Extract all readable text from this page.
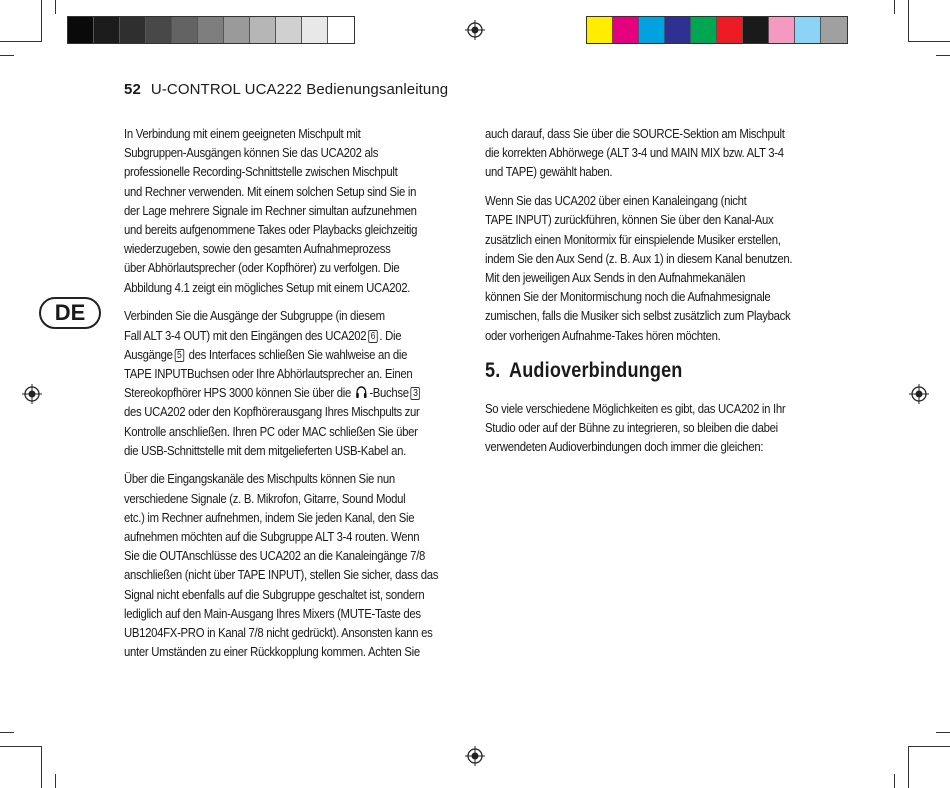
52 U-CONTROL UCA222 Bedienungsanleitung
DE

In Verbindung mit einem geeigneten Mischpult mit
Subgruppen-Ausgängen können Sie das UCA202 als
professionelle Recording-Schnittstelle zwischen Mischpult
und Rechner verwenden. Mit einem solchen Setup sind Sie in
der Lage mehrere Signale im Rechner simultan aufzunehmen
und bereits aufgenommene Takes oder Playbacks gleichzeitig
wiederzugeben, sowie den gesamten Aufnahmeprozess
über Abhörlautsprecher (oder Kopfhörer) zu verfolgen. Die
Abbildung 4.1 zeigt ein mögliches Setup mit einem UCA202.

Verbinden Sie die Ausgänge der Subgruppe (in diesem
Fall ALT 3-4 OUT) mit den Eingängen des UCA202 6 . Die
Ausgänge 5 des Interfaces schließen Sie wahlweise an die
TAPE INPUTBuchsen oder Ihre Abhörlautsprecher an. Einen
Stereokopfhörer HPS 3000 können Sie über die -Buchse 3
des UCA202 oder den Kopfhörerausgang Ihres Mischpults zur
Kontrolle anschließen. Ihren PC oder MAC schließen Sie über
die USB-Schnittstelle mit dem mitgelieferten USB-Kabel an.

Über die Eingangskanäle des Mischpults können Sie nun
verschiedene Signale (z. B. Mikrofon, Gitarre, Sound Modul
etc.) im Rechner aufnehmen, indem Sie jeden Kanal, den Sie
aufnehmen möchten auf die Subgruppe ALT 3-4 routen. Wenn
Sie die OUTAnschlüsse des UCA202 an die Kanaleingänge 7/8
anschließen (nicht über TAPE INPUT), stellen Sie sicher, dass das
Signal nicht ebenfalls auf die Subgruppe geschaltet ist, sondern
lediglich auf den Main-Ausgang Ihres Mixers (MUTE-Taste des
UB1204FX-PRO in Kanal 7/8 nicht gedrückt). Ansonsten kann es
unter Umständen zu einer Rückkopplung kommen. Achten Sie

auch darauf, dass Sie über die SOURCE-Sektion am Mischpult
die korrekten Abhörwege (ALT 3-4 und MAIN MIX bzw. ALT 3-4
und TAPE) gewählt haben.

Wenn Sie das UCA202 über einen Kanaleingang (nicht
TAPE INPUT) zurückführen, können Sie über den Kanal-Aux
zusätzlich einen Monitormix für einspielende Musiker erstellen,
indem Sie den Aux Send (z. B. Aux 1) in diesem Kanal benutzen.
Mit den jeweiligen Aux Sends in den Aufnahmekanälen
können Sie der Monitormischung noch die Aufnahmesignale
zumischen, falls die Musiker sich selbst zusätzlich zum Playback
oder vorherigen Aufnahme-Takes hören möchten.

5. Audioverbindungen

So viele verschiedene Möglichkeiten es gibt, das UCA202 in Ihr
Studio oder auf der Bühne zu integrieren, so bleiben die dabei
verwendeten Audioverbindungen doch immer die gleichen:
